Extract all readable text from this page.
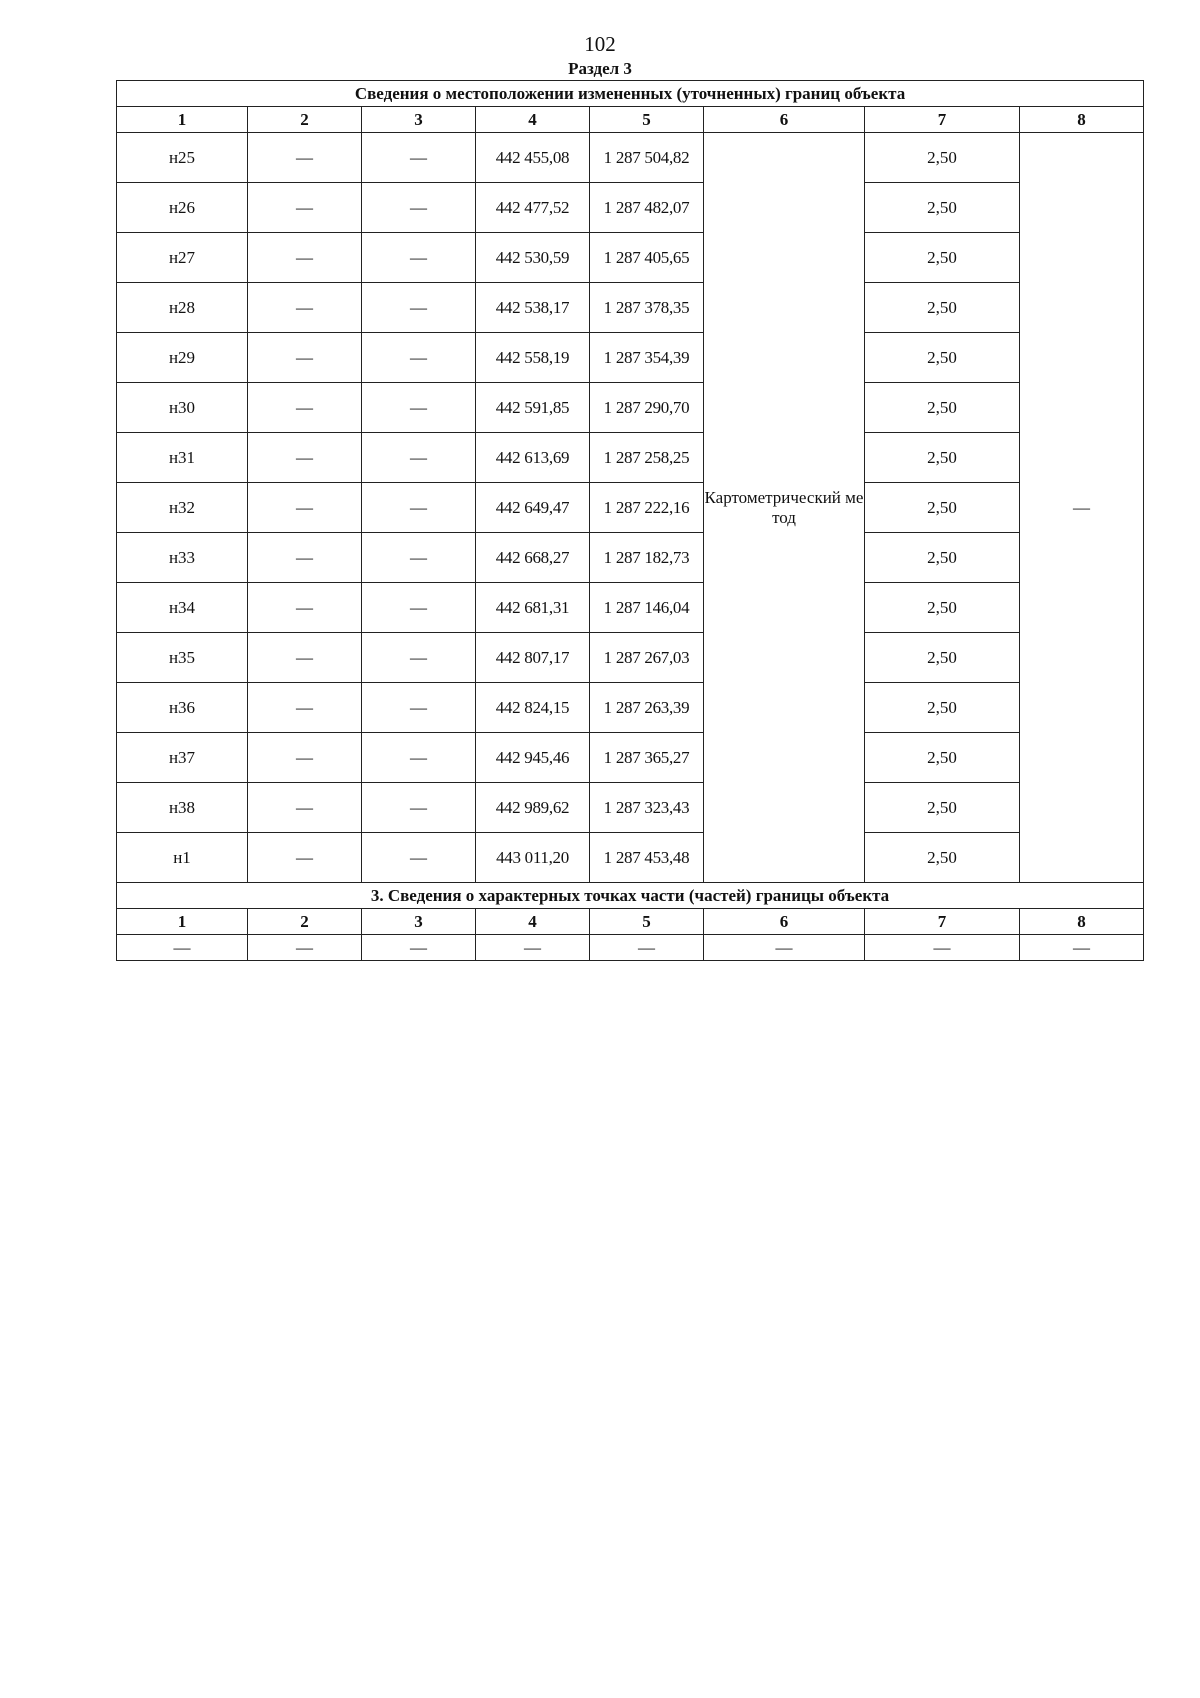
102
Раздел 3
Сведения о местоположении измененных (уточненных) границ объекта							
1	2	3	4	5	6	7	8
н25	—	—	442 455,08	1 287 504,82	Картометрический метод	2,50	—
н26	—	—	442 477,52	1 287 482,07		2,50	
н27	—	—	442 530,59	1 287 405,65		2,50	
н28	—	—	442 538,17	1 287 378,35		2,50	
н29	—	—	442 558,19	1 287 354,39		2,50	
н30	—	—	442 591,85	1 287 290,70		2,50	
н31	—	—	442 613,69	1 287 258,25		2,50	
н32	—	—	442 649,47	1 287 222,16		2,50	
н33	—	—	442 668,27	1 287 182,73		2,50	
н34	—	—	442 681,31	1 287 146,04		2,50	
н35	—	—	442 807,17	1 287 267,03		2,50	
н36	—	—	442 824,15	1 287 263,39		2,50	
н37	—	—	442 945,46	1 287 365,27		2,50	
н38	—	—	442 989,62	1 287 323,43		2,50	
н1	—	—	443 011,20	1 287 453,48		2,50	
3. Сведения о характерных точках части (частей) границы объекта							
1	2	3	4	5	6	7	8
—	—	—	—	—	—	—	—
